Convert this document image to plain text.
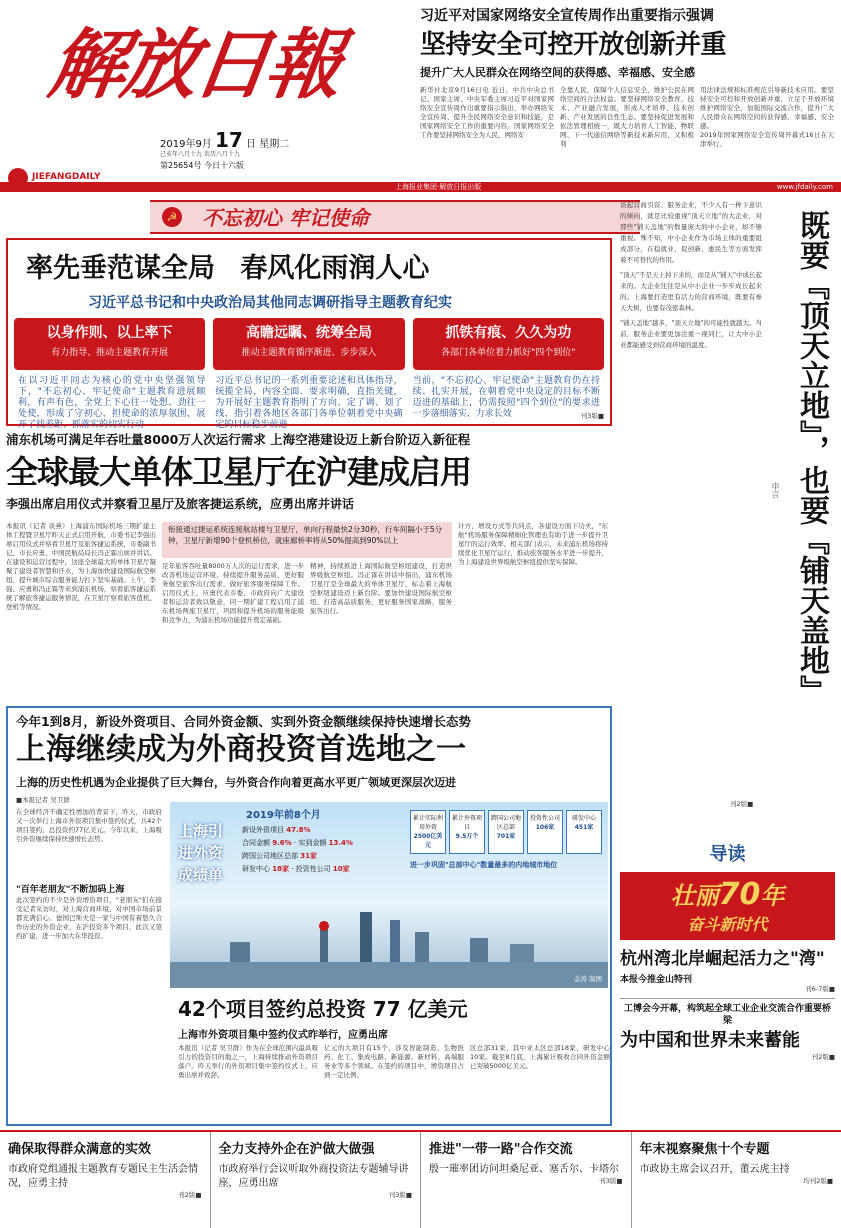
解放日報
2019年9月 17 日 星期二
己亥年八月十九 农历八月十九
第25654号 今日十六版
JIEFANGDAILY
习近平对国家网络安全宣传周作出重要指示强调
坚持安全可控开放创新并重
提升广大人民群众在网络空间的获得感、幸福感、安全感
新华社北京9月16日电 近日，中共中央总书记、国家主席、中央军委主席习近平对国家网络安全宣传周作出重要指示指出，举办网络安全宣传周、提升全民网络安全意识和技能，是国家网络安全工作的重要内容。国家网络安全工作要坚持网络安全为人民、网络安
全靠人民，保障个人信息安全，维护公民在网络空间的合法权益。要坚持网络安全教育、技术、产业融合发展，形成人才培养、技术创新、产业发展的良性生态。要坚持促进发展和依法管理相统一，既大力培育人工智能、物联网、下一代通信网络等新技术新应用，又积极利
用法律法规和标准规范引导新技术应用。要坚持安全可控和开放创新并重，立足于开放环境维护网络安全，加强国际交流合作，提升广大人民群众在网络空间的获得感、幸福感、安全感。
2019年国家网络安全宣传周开幕式16日在天津举行。
上海报业集团·解放日报出版	www.jfdaily.com
☭ 不忘初心 牢记使命
率先垂范谋全局 春风化雨润人心
习近平总书记和中央政治局其他同志调研指导主题教育纪实
以身作则、以上率下
有力指导、推动主题教育开展
高瞻远瞩、统筹全局
推动主题教育循序渐进、步步深入
抓铁有痕、久久为功
各部门各单位着力抓好"四个到位"
在以习近平同志为核心的党中央坚强领导下，"不忘初心、牢记使命"主题教育进展顺利，有声有色，全党上下心往一处想、劲往一处使，形成了守初心、担使命的浓厚氛围，展开了找差距、抓落实的切实行动
习近平总书记的一系列重要论述和具体指导，统揽全局、内容全面、要求明确，直指关键，为开展好主题教育指明了方向、定了调、划了线，指引着各地区各部门各单位朝着党中央确定的目标稳步前进
当前，"不忘初心、牢记使命"主题教育仍在持续、扎实开展，在朝着党中央设定的目标不断迈进的基础上，仍需按照"四个到位"的要求进一步落细落实、力求长效	刊3版■
浦东机场可满足年吞吐量8000万人次运行需求 上海空港建设迈上新台阶迈入新征程
全球最大单体卫星厅在沪建成启用
李强出席启用仪式并察看卫星厅及旅客捷运系统，应勇出席并讲话
本报讯（记者 谈燕）上海浦东国际机场三期扩建主体工程暨卫星厅昨天正式启用开航，市委书记李强出席启用仪式并察看卫星厅及旅客捷运系统，市委副书记、市长应勇、中国民航局局长冯正霖出席并讲话。在建设和运营过程中，这座全球最大的单体卫星厅凝聚了建设者智慧和汗水，为上海加快建设国际航空枢纽、提升城市综合服务能力打下坚实基础。上午，李强、应勇和冯正霖等来到浦东机场，察看旅客捷运系统了解旅客捷运服务情况，在卫星厅察看旅客值机、登机等情况。
衔接通过捷运系统连接航站楼与卫星厅，单向行程最快2分30秒，行车间隔小于5分钟，卫星厅新增90个登机桥位，就座廊桥率将从50%提高到90%以上
足年旅客吞吐量8000万人次的运行需求，进一步改善机场运营环境，持续提升服务品质，更好服务航空旅客出行需求，做好旅客服务保障工作。启用仪式上，应勇代表市委、市政府向广大建设者和运营者致以敬意，同一期扩建工程启用了浦东机场两座卫星厅，巩固和提升机场的服务能级和竞争力，为浦东机场功能提升奠定基础。
精神，持续推进上海国际航空枢纽建设，打造世界级航空枢纽。冯正霖在讲话中指出，浦东机场卫星厅是全球最大的单体卫星厅，标志着上海航空枢纽建设迈上新台阶。要加快建设国际航空枢纽、打造高品质服务，更好服务国家战略，服务旅客出行。
计方、增设方式等共同点，各建设方面下功夫，"东航"机场服务保障精细化管理也有助于进一步提升卫星厅的运行效率。相关部门表示，未来浦东机场将持续优化卫星厅运行，推动旅客服务水平进一步提升，为上海建设世界级航空枢纽提供坚实保障。
今年1到8月，新设外资项目、合同外资金额、实到外资金额继续保持快速增长态势
上海继续成为外商投资首选地之一
上海的历史性机遇为企业提供了巨大舞台，与外资合作向着更高水平更广领域更深层次迈进
■本报记者 吴卫群
在全球经济不确定性增加的背景下，昨天，市政府又一次举行上海市外资项目集中签约仪式，共42个项目签约，总投资约77亿美元。今年以来，上海吸引外资继续保持快速增长态势。
"百年老朋友"不断加码上海
此次签约的不少是外资增资项目，"老朋友"们在接受记者采访时，对上海营商环境、对中国市场前景都充满信心。德国巴斯夫是一家与中国有着悠久合作历史的外资企业，在沪投资多个项目，此次又签约扩建，进一步加大在华投资。
上海引进外资成绩单
2019年前8个月
新设外资项目 47.8%
合同金额 9.6% · 实到金额 13.4%
跨国公司地区总部 31家
研发中心 18家 · 投资性公司 10家
累计实际利用外资
2500亿美元
累计外资项目
9.5万个
跨国公司地区总部
701家
投资性公司
106家
研发中心
451家
进一步巩固"总部中心"数量最多的内地城市地位
金涛 制图
42个项目签约总投资 77 亿美元
上海市外资项目集中签约仪式昨举行，应勇出席
本报讯（记者 吴卫群）作为在全球范围内最具吸引力的投资目的地之一，上海持续推动外资项目落户。昨天举行的外资项目集中签约仪式上，应勇出席并致辞。
亿元的大项目有15个，涉及智能制造、生物医药、化工、集成电路、新能源、新材料、高端服务业等多个领域。在签约的项目中，增资项目占到一定比例。
区总部31家，其中亚太区总部18家，研发中心10家。截至8月底，上海累计吸收合同外资金额已突破5000亿美元。

谈起营商引资、服务企业，不少人有一种下意识的倾向，就是比较重视"顶天立地"的大企业，对那些"铺天盖地"的数量庞大的中小企业，却不够重视。殊不知，中小企业作为市场主体的重要组成部分，在稳就业、促创新、惠民生等方面发挥着不可替代的作用。

"顶天"不是天上掉下来的，而是从"铺天"中成长起来的。大企业往往是从中小企业一步步成长起来的。上海要打造更有活力的营商环境，既要有参天大树，也要有茂密森林。

"铺天盖地"越多，"顶天立地"的可能性就越大。当前，服务企业要更加注重一视同仁，让大中小企业都能感受到营商环境的温度。

申言 既要『顶天立地』，也要『铺天盖地』
刊2版■
导读
壮丽70年
奋斗新时代
杭州湾北岸崛起活力之"湾"
本报今推金山特刊
刊6-7版■
工博会今开幕，构筑起全球工业企业交流合作重要桥梁
为中国和世界未来蓄能
刊2版■
确保取得群众满意的实效
市政府党组通报主题教育专题民主生活会情况，应勇主持
刊2版■
全力支持外企在沪做大做强
市政府举行会议听取外商投资法专题辅导讲座，应勇出席
刊3版■
推进"一带一路"合作交流
殷一璀率团访问坦桑尼亚、塞舌尔、卡塔尔
刊3版■
年末视察聚焦十个专题
市政协主席会议召开，董云虎主持
均刊2版■
